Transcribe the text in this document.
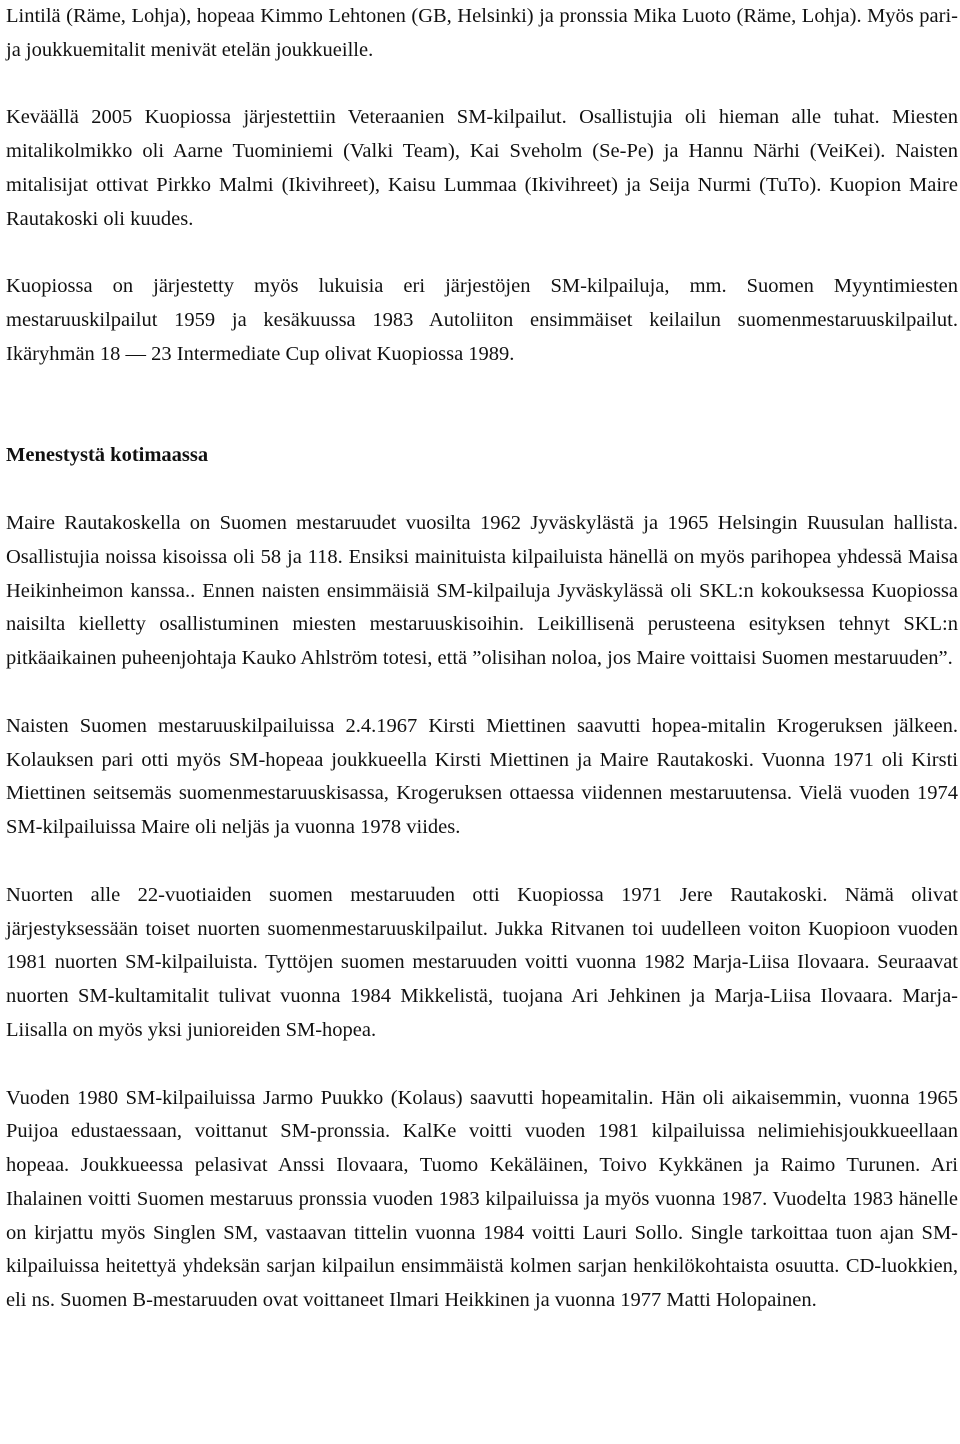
Lintilä (Räme, Lohja), hopeaa Kimmo Lehtonen (GB, Helsinki) ja pronssia Mika Luoto (Räme, Lohja). Myös pari- ja joukkuemitalit menivät etelän joukkueille.

Keväällä 2005 Kuopiossa järjestettiin Veteraanien SM-kilpailut. Osallistujia oli hieman alle tuhat. Miesten mitalikolmikko oli Aarne Tuominiemi (Valki Team), Kai Sveholm (Se-Pe) ja Hannu Närhi (VeiKei). Naisten mitalisijat ottivat Pirkko Malmi (Ikivihreet), Kaisu Lummaa (Ikivihreet) ja Seija Nurmi (TuTo). Kuopion Maire Rautakoski oli kuudes.

Kuopiossa on järjestetty myös lukuisia eri järjestöjen SM-kilpailuja, mm. Suomen Myyntimiesten mestaruuskilpailut 1959 ja kesäkuussa 1983 Autoliiton ensimmäiset keilailun suomenmestaruuskilpailut. Ikäryhmän 18 — 23 Intermediate Cup olivat Kuopiossa 1989.

Menestystä kotimaassa

Maire Rautakoskella on Suomen mestaruudet vuosilta 1962 Jyväskylästä ja 1965 Helsingin Ruusulan hallista. Osallistujia noissa kisoissa oli 58 ja 118. Ensiksi mainituista kilpailuista hänellä on myös parihopea yhdessä Maisa Heikinheimon kanssa.. Ennen naisten ensimmäisiä SM-kilpailuja Jyväskylässä oli SKL:n kokouksessa Kuopiossa naisilta kielletty osallistuminen miesten mestaruuskisoihin. Leikillisenä perusteena esityksen tehnyt SKL:n pitkäaikainen puheenjohtaja Kauko Ahlström totesi, että ”olisihan noloa, jos Maire voittaisi Suomen mestaruuden”.

Naisten Suomen mestaruuskilpailuissa 2.4.1967 Kirsti Miettinen saavutti hopea-mitalin Krogeruksen jälkeen. Kolauksen pari otti myös SM-hopeaa joukkueella Kirsti Miettinen ja Maire Rautakoski. Vuonna 1971 oli Kirsti Miettinen seitsemäs suomenmestaruuskisassa, Krogeruksen ottaessa viidennen mestaruutensa. Vielä vuoden 1974 SM-kilpailuissa Maire oli neljäs ja vuonna 1978 viides.

Nuorten alle 22-vuotiaiden suomen mestaruuden otti Kuopiossa 1971 Jere Rautakoski. Nämä olivat järjestyksessään toiset nuorten suomenmestaruuskilpailut. Jukka Ritvanen toi uudelleen voiton Kuopioon vuoden 1981 nuorten SM-kilpailuista. Tyttöjen suomen mestaruuden voitti vuonna 1982 Marja-Liisa Ilovaara. Seuraavat nuorten SM-kultamitalit tulivat vuonna 1984 Mikkelistä, tuojana Ari Jehkinen ja Marja-Liisa Ilovaara. Marja-Liisalla on myös yksi junioreiden SM-hopea.

Vuoden 1980 SM-kilpailuissa Jarmo Puukko (Kolaus) saavutti hopeamitalin. Hän oli aikaisemmin, vuonna 1965 Puijoa edustaessaan, voittanut SM-pronssia. KalKe voitti vuoden 1981 kilpailuissa nelimiehisjoukkueellaan hopeaa. Joukkueessa pelasivat Anssi Ilovaara, Tuomo Kekäläinen, Toivo Kykkänen ja Raimo Turunen. Ari Ihalainen voitti Suomen mestaruus pronssia vuoden 1983 kilpailuissa ja myös vuonna 1987. Vuodelta 1983 hänelle on kirjattu myös Singlen SM, vastaavan tittelin vuonna 1984 voitti Lauri Sollo. Single tarkoittaa tuon ajan SM-kilpailuissa heitettyä yhdeksän sarjan kilpailun ensimmäistä kolmen sarjan henkilökohtaista osuutta. CD-luokkien, eli ns. Suomen B-mestaruuden ovat voittaneet Ilmari Heikkinen ja vuonna 1977 Matti Holopainen.
